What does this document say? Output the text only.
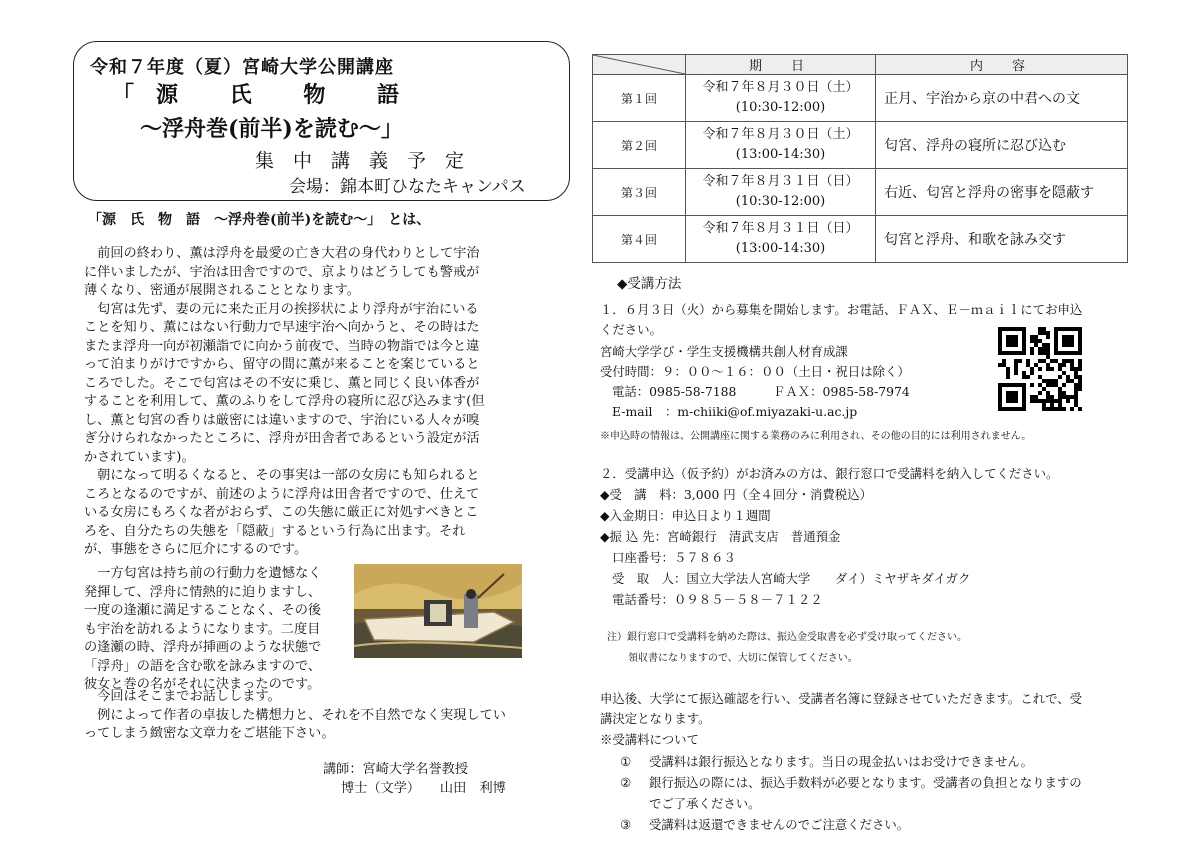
令和７年度（夏）宮崎大学公開講座
「源 氏 物 語
〜浮舟巻(前半)を読む〜」
集中講義予定
会場：錦本町ひなたキャンパス
「源　氏　物　語　〜浮舟巻(前半)を読む〜」　とは、

　前回の終わり、薫は浮舟を最愛の亡き大君の身代わりとして宇治
に伴いましたが、宇治は田舎ですので、京よりはどうしても警戒が
薄くなり、密通が展開されることとなります。

　匂宮は先ず、妻の元に来た正月の挨拶状により浮舟が宇治にいる
ことを知り、薫にはない行動力で早速宇治へ向かうと、その時はた
またま浮舟一向が初瀬詣でに向かう前夜で、当時の物詣では今と違
って泊まりがけですから、留守の間に薫が来ることを案じていると
ころでした。そこで匂宮はその不安に乗じ、薫と同じく良い体香が
することを利用して、薫のふりをして浮舟の寝所に忍び込みます(但
し、薫と匂宮の香りは厳密には違いますので、宇治にいる人々が嗅
ぎ分けられなかったところに、浮舟が田舎者であるという設定が活
かされています)。

　朝になって明るくなると、その事実は一部の女房にも知られると
ころとなるのですが、前述のように浮舟は田舎者ですので、仕えて
いる女房にもろくな者がおらず、この失態に厳正に対処すべきとこ
ろを、自分たちの失態を「隠蔽」するという行為に出ます。それ
が、事態をさらに厄介にするのです。

　一方匂宮は持ち前の行動力を遺憾なく
発揮して、浮舟に情熱的に迫りますし、
一度の逢瀬に満足することなく、その後
も宇治を訪れるようになります。二度目
の逢瀬の時、浮舟が挿画のような状態で
「浮舟」の語を含む歌を詠みますので、
彼女と巻の名がそれに決まったのです。

　今回はそこまでお話しします。
　例によって作者の卓抜した構想力と、それを不自然でなく実現してい
ってしまう緻密な文章力をご堪能下さい。

講師：宮崎大学名誉教授
博士（文学）　　山田　利博
	期　日	内　容
第１回	令和７年８月３０日（土）
(10:30-12:00)	正月、宇治から京の中君への文
第２回	令和７年８月３０日（土）
(13:00-14:30)	匂宮、浮舟の寝所に忍び込む
第３回	令和７年８月３１日（日）
(10:30-12:00)	右近、匂宮と浮舟の密事を隠蔽す
第４回	令和７年８月３１日（日）
(13:00-14:30)	匂宮と浮舟、和歌を詠み交す
◆受講方法
１．６月３日（火）から募集を開始します。お電話、ＦＡＸ、Ｅ－ｍａｉｌにてお申込
ください。
宮崎大学学び・学生支援機構共創人材育成課
受付時間：９：００〜１６：００（土日・祝日は除く）
電話：0985-58-7188	ＦＡＸ：0985-58-7974
E-mail　：m-chiiki@of.miyazaki-u.ac.jp
※申込時の情報は、公開講座に関する業務のみに利用され、その他の目的には利用されません。
２．受講申込（仮予約）がお済みの方は、銀行窓口で受講料を納入してください。
◆受　講　料：3,000 円（全４回分・消費税込）
◆入金期日：申込日より１週間
◆振 込 先：宮崎銀行　清武支店　普通預金
口座番号：５７８６３
受　取　人：国立大学法人宮崎大学　　ダイ）ミヤザキダイガク
電話番号：０９８５－５８－７１２２
注）銀行窓口で受講料を納めた際は、振込金受取書を必ず受け取ってください。
領収書になりますので、大切に保管してください。
申込後、大学にて振込確認を行い、受講者名簿に登録させていただきます。これで、受
講決定となります。
※受講料について
① 受講料は銀行振込となります。当日の現金払いはお受けできません。
② 銀行振込の際には、振込手数料が必要となります。受講者の負担となりますの
でご了承ください。
③ 受講料は返還できませんのでご注意ください。
